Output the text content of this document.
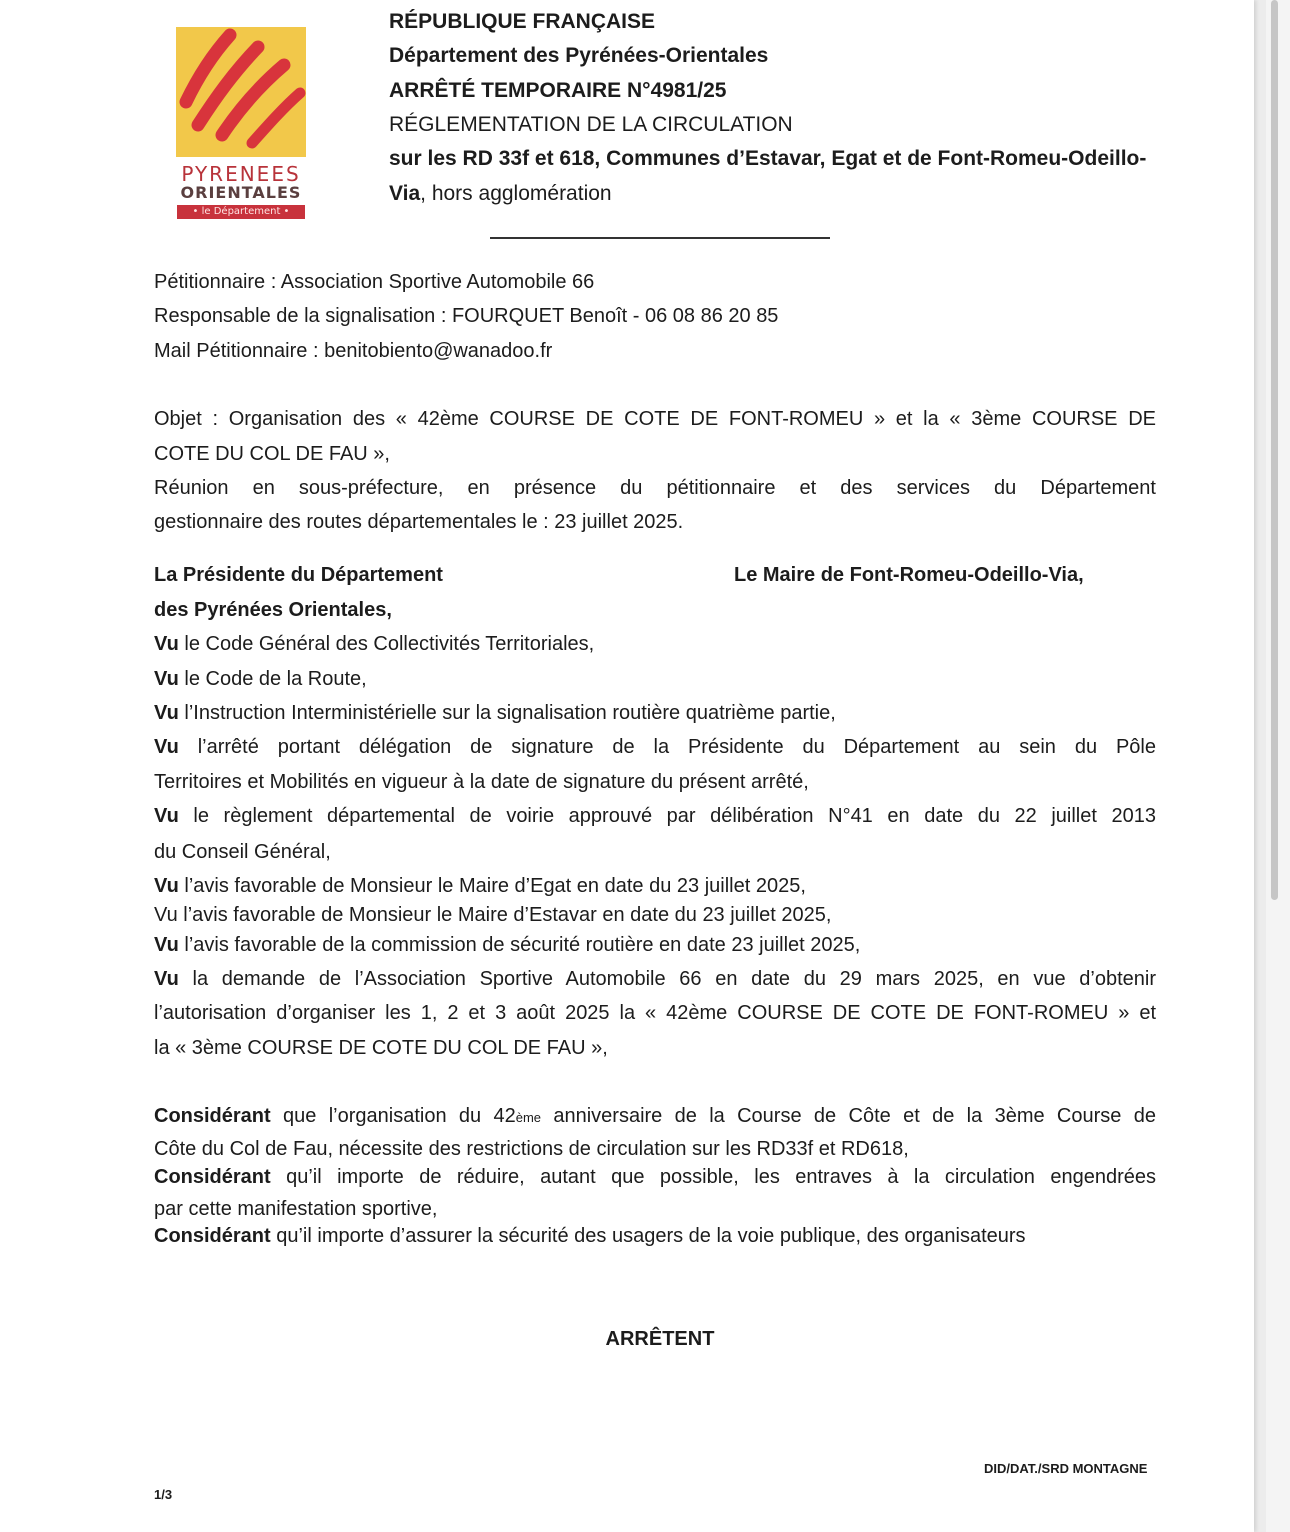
PYRENEES
ORIENTALES
• le Département •
RÉPUBLIQUE FRANÇAISE
Département des Pyrénées-Orientales
ARRÊTÉ TEMPORAIRE N°4981/25
RÉGLEMENTATION DE LA CIRCULATION
sur les RD 33f et 618, Communes d’Estavar, Egat et de Font-Romeu-Odeillo-
Via, hors agglomération
Pétitionnaire : Association Sportive Automobile 66
Responsable de la signalisation : FOURQUET Benoît - 06 08 86 20 85
Mail Pétitionnaire : benitobiento@wanadoo.fr
Objet : Organisation des « 42ème COURSE DE COTE DE FONT-ROMEU » et la « 3ème COURSE DE
COTE DU COL DE FAU »,
Réunion en sous-préfecture, en présence du pétitionnaire et des services du Département
gestionnaire des routes départementales le : 23 juillet 2025.
La Présidente du Département	Le Maire de Font-Romeu-Odeillo-Via,
des Pyrénées Orientales,
Vu le Code Général des Collectivités Territoriales,
Vu le Code de la Route,
Vu l’Instruction Interministérielle sur la signalisation routière quatrième partie,
Vu l’arrêté portant délégation de signature de la Présidente du Département au sein du Pôle
Territoires et Mobilités en vigueur à la date de signature du présent arrêté,
Vu le règlement départemental de voirie approuvé par délibération N°41 en date du 22 juillet 2013
du Conseil Général,
Vu l’avis favorable de Monsieur le Maire d’Egat en date du 23 juillet 2025,
Vu l’avis favorable de Monsieur le Maire d’Estavar en date du 23 juillet 2025,
Vu l’avis favorable de la commission de sécurité routière en date 23 juillet 2025,
Vu la demande de l’Association Sportive Automobile 66 en date du 29 mars 2025, en vue d’obtenir
l’autorisation d’organiser les 1, 2 et 3 août 2025 la « 42ème COURSE DE COTE DE FONT-ROMEU » et
la « 3ème COURSE DE COTE DU COL DE FAU »,
Considérant que l’organisation du 42ème anniversaire de la Course de Côte et de la 3ème Course de
Côte du Col de Fau, nécessite des restrictions de circulation sur les RD33f et RD618,
Considérant qu’il importe de réduire, autant que possible, les entraves à la circulation engendrées
par cette manifestation sportive,
Considérant qu’il importe d’assurer la sécurité des usagers de la voie publique, des organisateurs
ARRÊTENT
DID/DAT./SRD MONTAGNE
1/3
